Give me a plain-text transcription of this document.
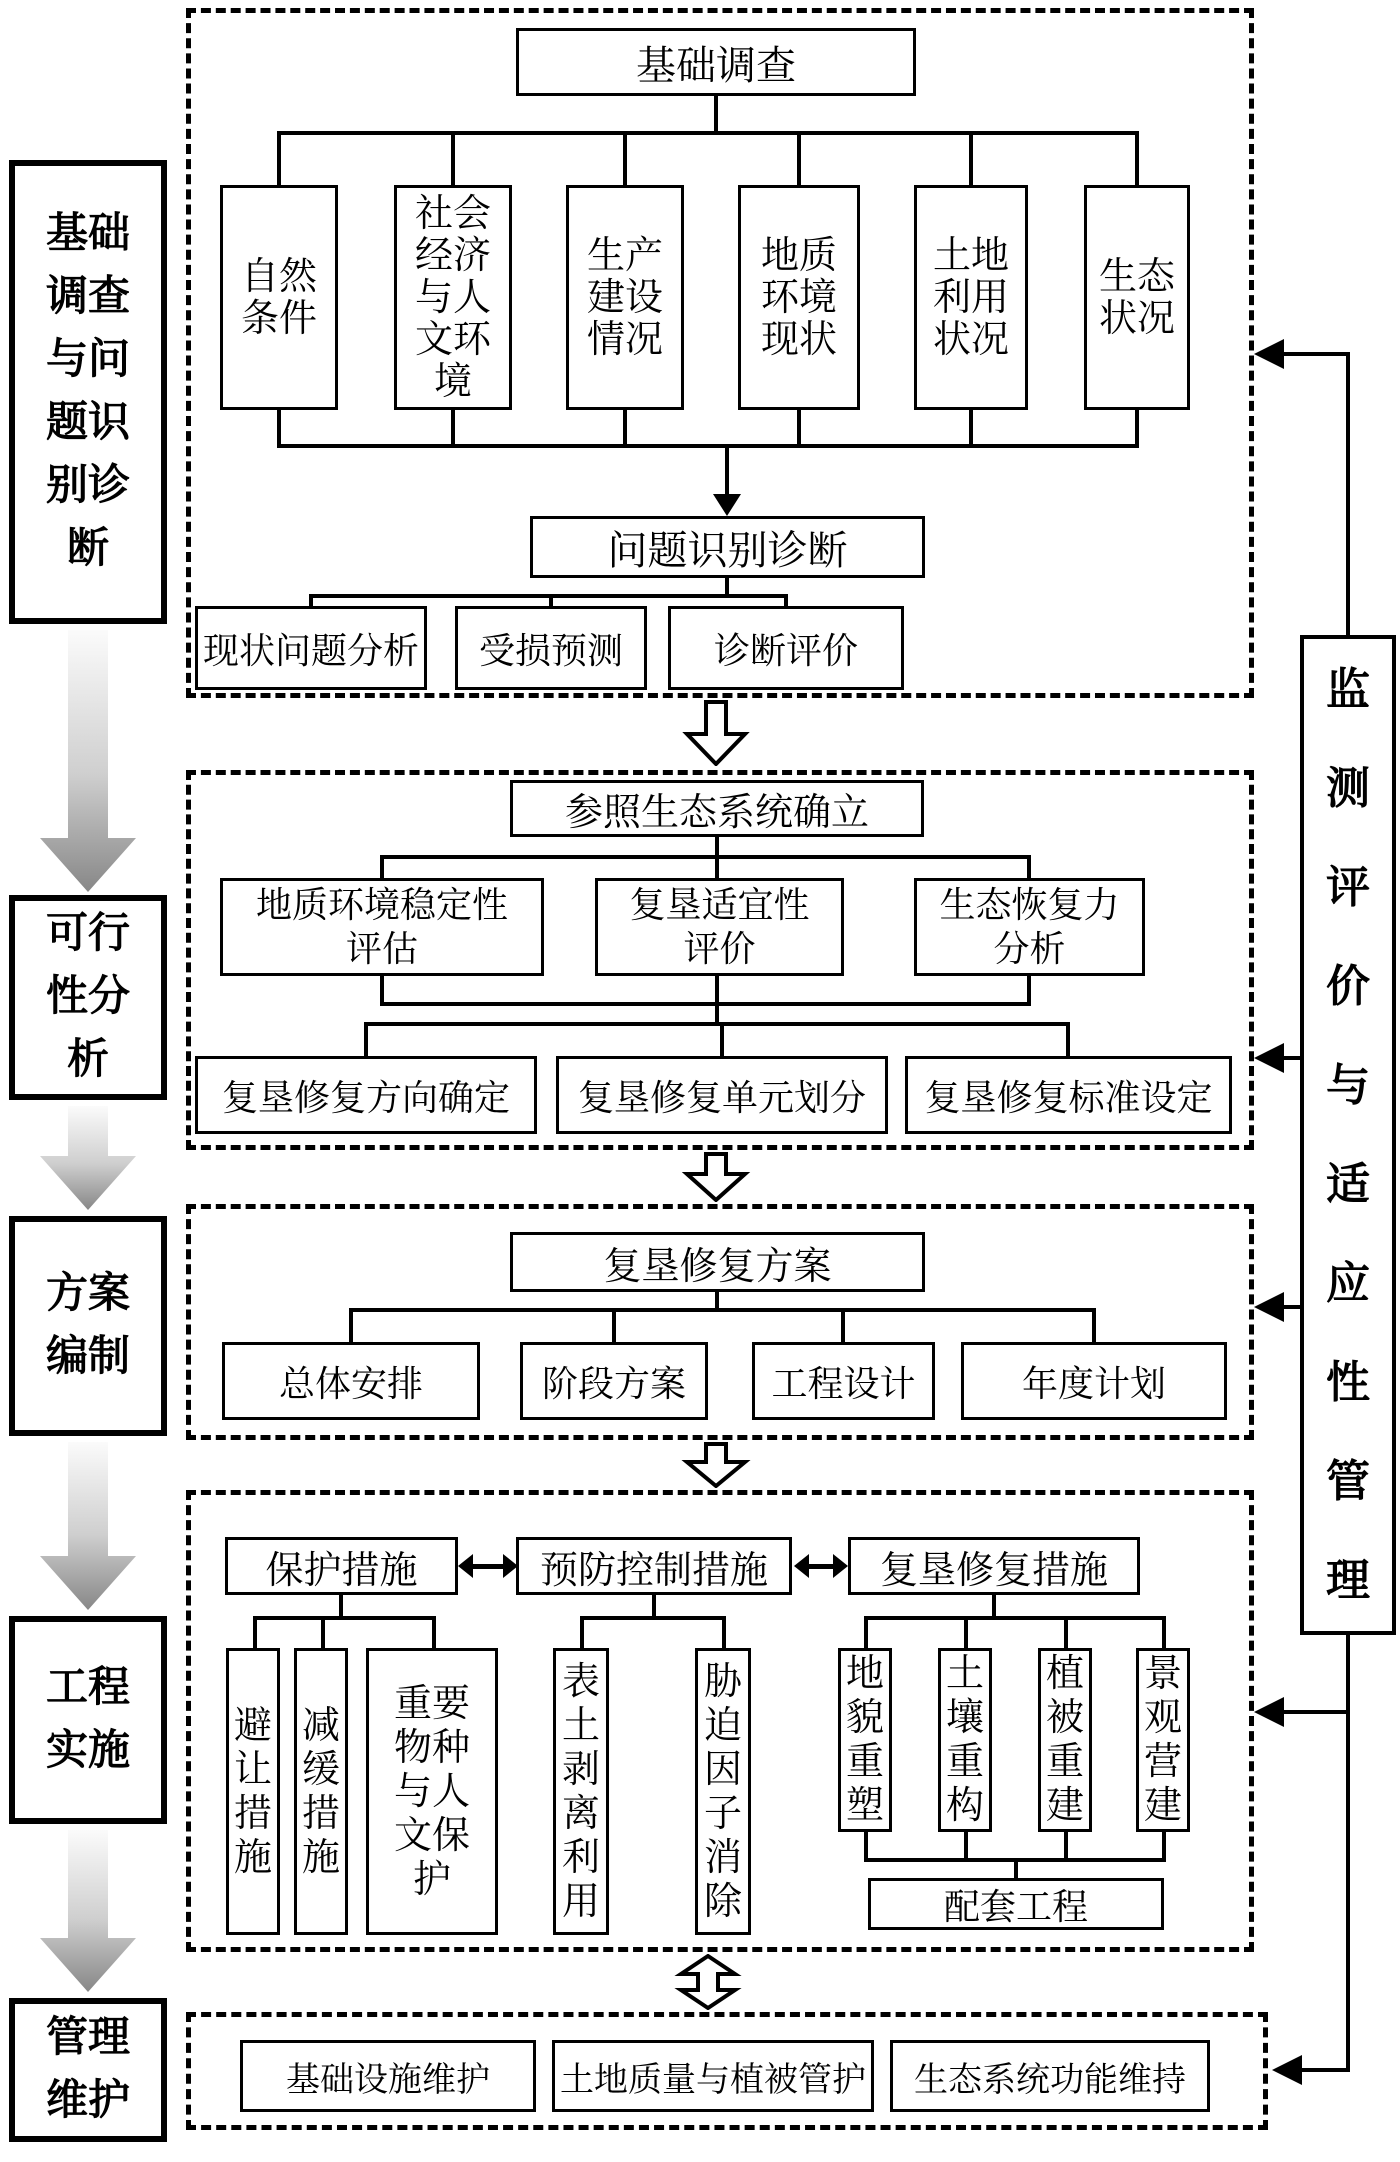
基础调查与问题识别诊断
可行性分析
方案编制
工程实施
管理维护
监测评价与适应性管理
基础调查
自然条件
社会经济与人文环境
生产建设情况
地质环境现状
土地利用状况
生态状况
问题识别诊断
现状问题分析	受损预测	诊断评价
参照生态系统确立
地质环境稳定性评估
复垦适宜性评价
生态恢复力分析
复垦修复方向确定	复垦修复单元划分	复垦修复标准设定
复垦修复方案
总体安排	阶段方案	工程设计	年度计划
保护措施	预防控制措施	复垦修复措施
避让措施
减缓措施
重要物种与人文保护
表土剥离利用
胁迫因子消除
地貌重塑
土壤重构
植被重建
景观营建
配套工程
基础设施维护	土地质量与植被管护	生态系统功能维持
